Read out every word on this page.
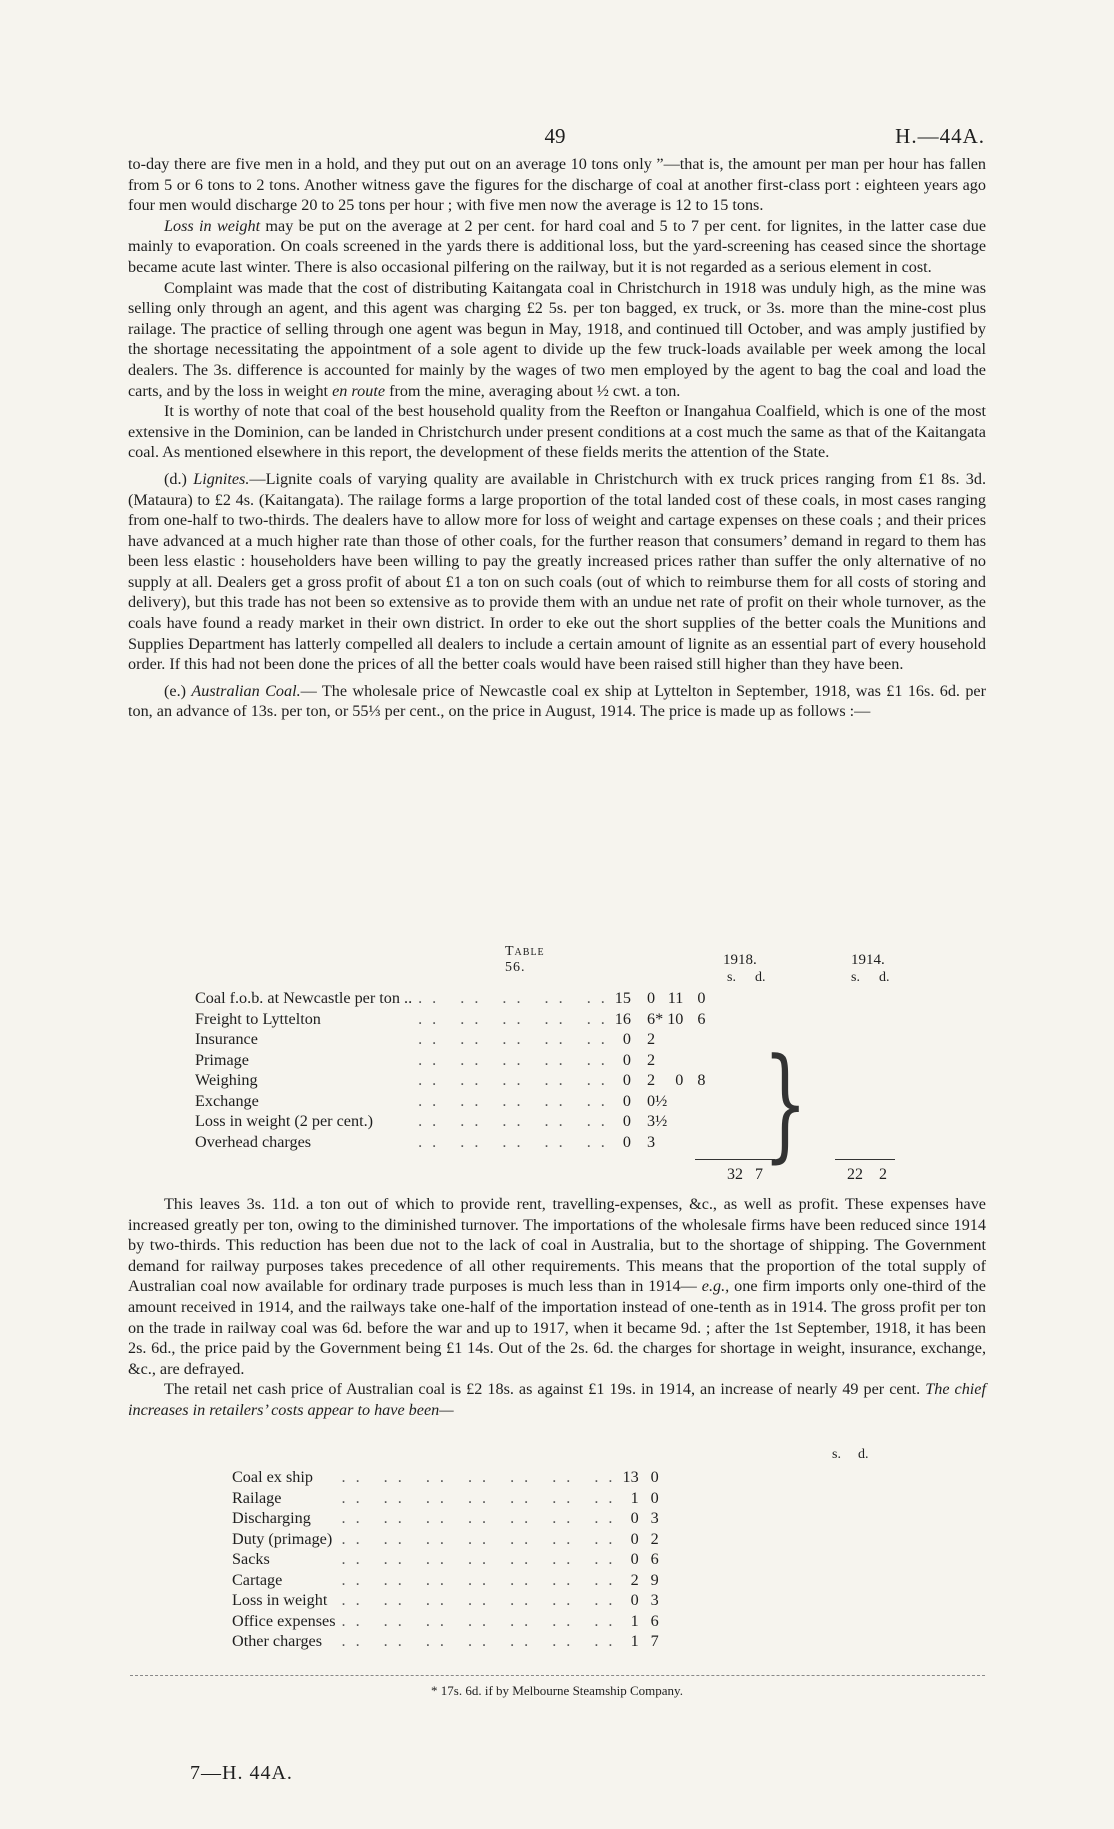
49	H.—44A.

to-day there are five men in a hold, and they put out on an average 10 tons only ”—that is, the amount per man per hour has fallen from 5 or 6 tons to 2 tons. Another witness gave the figures for the discharge of coal at another first-class port : eighteen years ago four men would discharge 20 to 25 tons per hour ; with five men now the average is 12 to 15 tons.

Loss in weight may be put on the average at 2 per cent. for hard coal and 5 to 7 per cent. for lignites, in the latter case due mainly to evaporation. On coals screened in the yards there is additional loss, but the yard-screening has ceased since the shortage became acute last winter. There is also occasional pilfering on the railway, but it is not regarded as a serious element in cost.

Complaint was made that the cost of distributing Kaitangata coal in Christchurch in 1918 was unduly high, as the mine was selling only through an agent, and this agent was charging £2 5s. per ton bagged, ex truck, or 3s. more than the mine-cost plus railage. The practice of selling through one agent was begun in May, 1918, and continued till October, and was amply justified by the shortage necessitating the appointment of a sole agent to divide up the few truck-loads available per week among the local dealers. The 3s. difference is accounted for mainly by the wages of two men employed by the agent to bag the coal and load the carts, and by the loss in weight en route from the mine, averaging about ½ cwt. a ton.

It is worthy of note that coal of the best household quality from the Reefton or Inangahua Coalfield, which is one of the most extensive in the Dominion, can be landed in Christchurch under present conditions at a cost much the same as that of the Kaitangata coal. As mentioned elsewhere in this report, the development of these fields merits the attention of the State.

(d.) Lignites.—Lignite coals of varying quality are available in Christchurch with ex truck prices ranging from £1 8s. 3d. (Mataura) to £2 4s. (Kaitangata). The railage forms a large proportion of the total landed cost of these coals, in most cases ranging from one-half to two-thirds. The dealers have to allow more for loss of weight and cartage expenses on these coals ; and their prices have advanced at a much higher rate than those of other coals, for the further reason that consumers’ demand in regard to them has been less elastic : householders have been willing to pay the greatly increased prices rather than suffer the only alternative of no supply at all. Dealers get a gross profit of about £1 a ton on such coals (out of which to reimburse them for all costs of storing and delivery), but this trade has not been so extensive as to provide them with an undue net rate of profit on their whole turnover, as the coals have found a ready market in their own district. In order to eke out the short supplies of the better coals the Munitions and Supplies Department has latterly compelled all dealers to include a certain amount of lignite as an essential part of every household order. If this had not been done the prices of all the better coals would have been raised still higher than they have been.

(e.) Australian Coal.— The wholesale price of Newcastle coal ex ship at Lyttelton in September, 1918, was £1 16s. 6d. per ton, an advance of 13s. per ton, or 55⅓ per cent., on the price in August, 1914. The price is made up as follows :—

Table 56.	1918.	1914.
s. d.	s. d.
Coal f.o.b. at Newcastle per ton ..	.. .. .. .. ..	15	0	11	0
Freight to Lyttelton	.. .. .. .. ..	16	6*	10	6
Insurance	.. .. .. .. ..	0	2		
Primage	.. .. .. .. ..	0	2		
Weighing	.. .. .. .. ..	0	2	0	8
Exchange	.. .. .. .. ..	0	0½		
Loss in weight (2 per cent.)	.. .. .. .. ..	0	3½		
Overhead charges	.. .. .. .. ..	0	3		}
32 7	22 2

This leaves 3s. 11d. a ton out of which to provide rent, travelling-expenses, &c., as well as profit. These expenses have increased greatly per ton, owing to the diminished turnover. The importations of the wholesale firms have been reduced since 1914 by two-thirds. This reduction has been due not to the lack of coal in Australia, but to the shortage of shipping. The Government demand for railway purposes takes precedence of all other requirements. This means that the proportion of the total supply of Australian coal now available for ordinary trade purposes is much less than in 1914— e.g., one firm imports only one-third of the amount received in 1914, and the railways take one-half of the importation instead of one-tenth as in 1914. The gross profit per ton on the trade in railway coal was 6d. before the war and up to 1917, when it became 9d. ; after the 1st September, 1918, it has been 2s. 6d., the price paid by the Government being £1 14s. Out of the 2s. 6d. the charges for shortage in weight, insurance, exchange, &c., are defrayed.

The retail net cash price of Australian coal is £2 18s. as against £1 19s. in 1914, an increase of nearly 49 per cent. The chief increases in retailers’ costs appear to have been—

s. d.
Coal ex ship	.. .. .. .. .. .. ..	13	0
Railage	.. .. .. .. .. .. ..	1	0
Discharging	.. .. .. .. .. .. ..	0	3
Duty (primage)	.. .. .. .. .. .. ..	0	2
Sacks	.. .. .. .. .. .. ..	0	6
Cartage	.. .. .. .. .. .. ..	2	9
Loss in weight	.. .. .. .. .. .. ..	0	3
Office expenses	.. .. .. .. .. .. ..	1	6
Other charges	.. .. .. .. .. .. ..	1	7
* 17s. 6d. if by Melbourne Steamship Company.
7—H. 44A.
